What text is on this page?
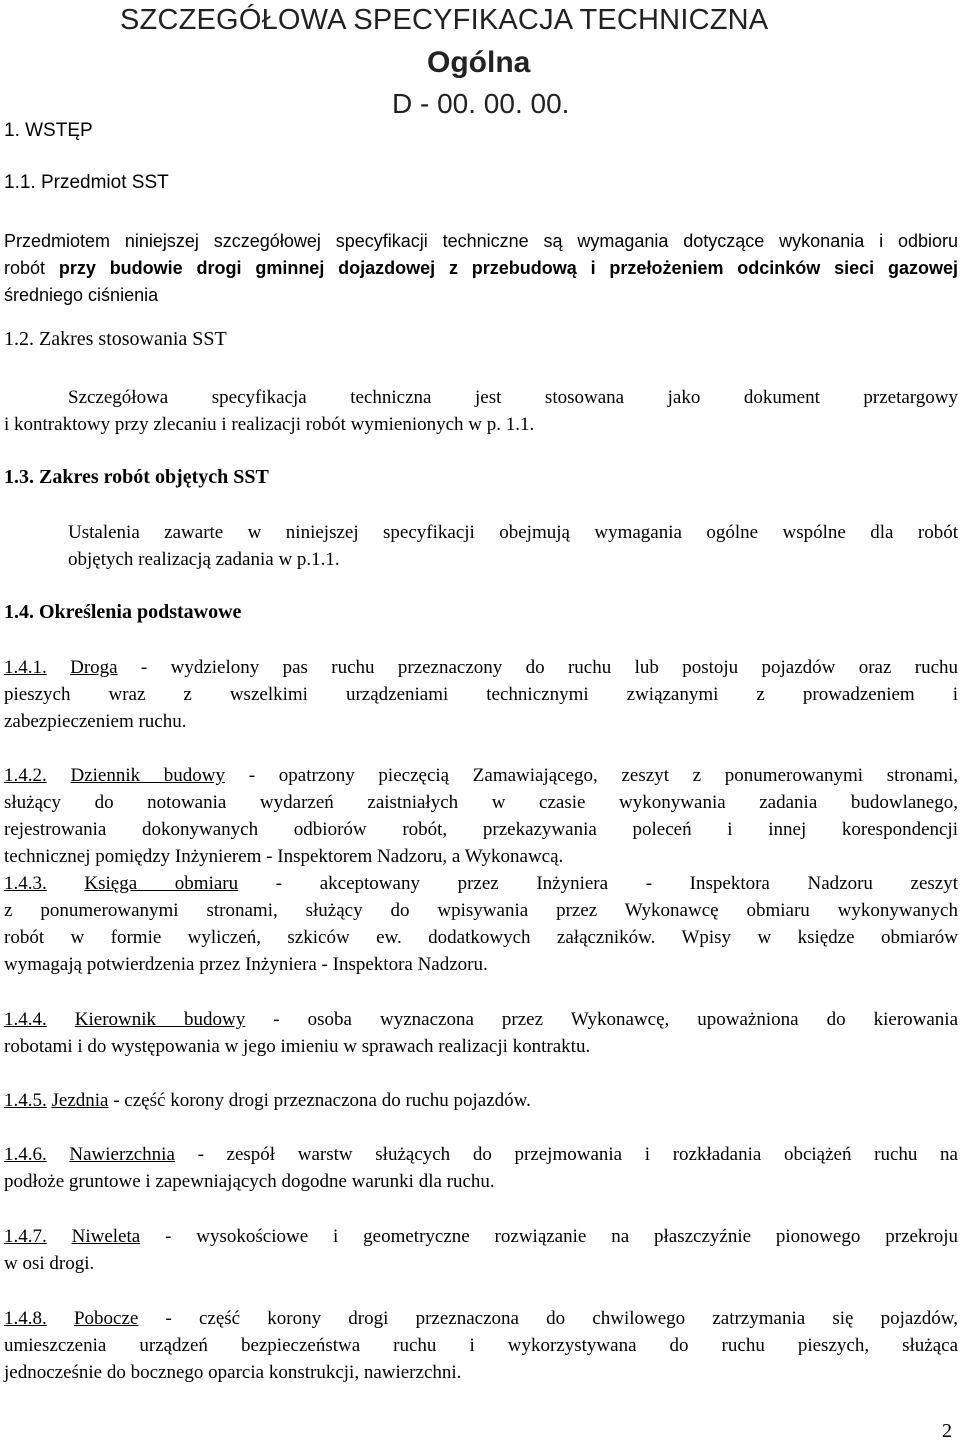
SZCZEGÓŁOWA SPECYFIKACJA TECHNICZNA
Ogólna
D - 00. 00. 00.
1. WSTĘP
1.1. Przedmiot SST
Przedmiotem niniejszej szczegółowej specyfikacji techniczne są wymagania dotyczące wykonania i odbioru
robót przy budowie drogi gminnej dojazdowej z przebudową i przełożeniem odcinków sieci gazowej
średniego ciśnienia
1.2. Zakres stosowania SST
Szczegółowa specyfikacja techniczna jest stosowana jako dokument przetargowy
i kontraktowy przy zlecaniu i realizacji robót wymienionych w p. 1.1.
1.3. Zakres robót objętych SST
Ustalenia zawarte w niniejszej specyfikacji obejmują wymagania ogólne wspólne dla robót
objętych realizacją zadania w p.1.1.
1.4. Określenia podstawowe
1.4.1. Droga - wydzielony pas ruchu przeznaczony do ruchu lub postoju pojazdów oraz ruchu
pieszych wraz z wszelkimi urządzeniami technicznymi związanymi z prowadzeniem i
zabezpieczeniem ruchu.
1.4.2. Dziennik budowy - opatrzony pieczęcią Zamawiającego, zeszyt z ponumerowanymi stronami,
służący do notowania wydarzeń zaistniałych w czasie wykonywania zadania budowlanego,
rejestrowania dokonywanych odbiorów robót, przekazywania poleceń i innej korespondencji
technicznej pomiędzy Inżynierem - Inspektorem Nadzoru, a Wykonawcą.
1.4.3. Księga obmiaru - akceptowany przez Inżyniera - Inspektora Nadzoru zeszyt
z ponumerowanymi stronami, służący do wpisywania przez Wykonawcę obmiaru wykonywanych
robót w formie wyliczeń, szkiców ew. dodatkowych załączników. Wpisy w księdze obmiarów
wymagają potwierdzenia przez Inżyniera - Inspektora Nadzoru.
1.4.4. Kierownik budowy - osoba wyznaczona przez Wykonawcę, upoważniona do kierowania
robotami i do występowania w jego imieniu w sprawach realizacji kontraktu.
1.4.5. Jezdnia - część korony drogi przeznaczona do ruchu pojazdów.
1.4.6. Nawierzchnia - zespół warstw służących do przejmowania i rozkładania obciążeń ruchu na
podłoże gruntowe i zapewniających dogodne warunki dla ruchu.
1.4.7. Niweleta - wysokościowe i geometryczne rozwiązanie na płaszczyźnie pionowego przekroju
w osi drogi.
1.4.8. Pobocze - część korony drogi przeznaczona do chwilowego zatrzymania się pojazdów,
umieszczenia urządzeń bezpieczeństwa ruchu i wykorzystywana do ruchu pieszych, służąca
jednocześnie do bocznego oparcia konstrukcji, nawierzchni.
2
